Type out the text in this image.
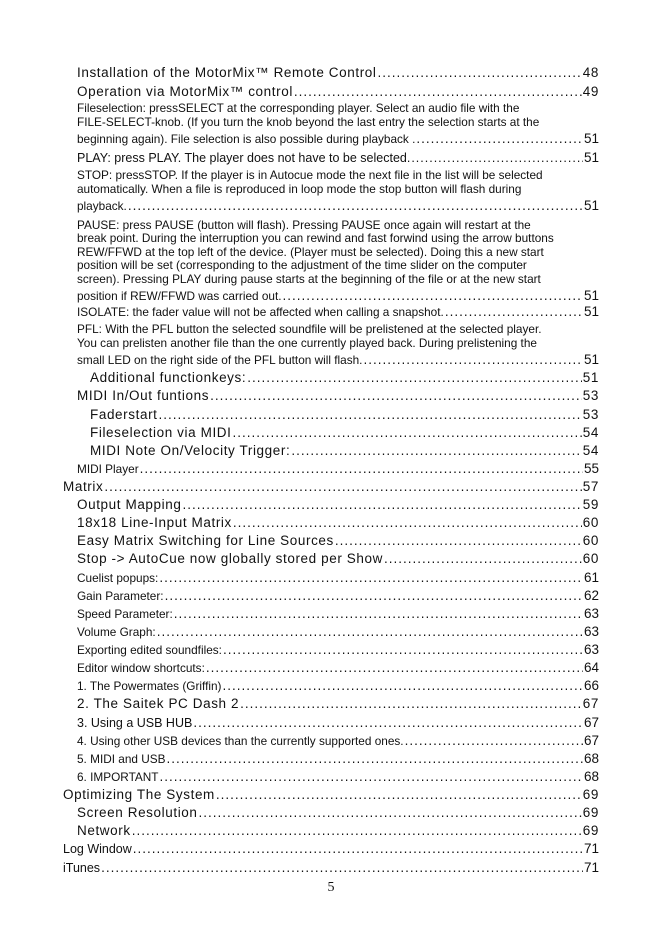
Installation of the MotorMix™ Remote Control .....	48
Operation via MotorMix™ control .....	49
Fileselection: pressSELECT at the corresponding player. Select an audio file with the
FILE-SELECT-knob. (If you turn the knob beyond the last entry the selection starts at the
beginning again). File selection is also possible during playback . .....	51
PLAY: press PLAY. The player does not have to be selected. .....	51
STOP: pressSTOP. If the player is in Autocue mode the next file in the list will be selected
automatically. When a file is reproduced in loop mode the stop button will flash during
playback. .....	51
PAUSE: press PAUSE (button will flash). Pressing PAUSE once again will restart at the
break point. During the interruption you can rewind and fast forwind using the arrow buttons
REW/FFWD at the top left of the device. (Player must be selected). Doing this a new start
position will be set (corresponding to the adjustment of the time slider on the computer
screen). Pressing PLAY during pause starts at the beginning of the file or at the new start
position if REW/FFWD was carried out. .....	51
ISOLATE: the fader value will not be affected when calling a snapshot. .....	51
PFL: With the PFL button the selected soundfile will be prelistened at the selected player.
You can prelisten another file than the one currently played back. During prelistening the
small LED on the right side of the PFL button will flash. .....	51
Additional functionkeys: .....	51
MIDI In/Out funtions .....	53
Faderstart .....	53
Fileselection via MIDI .....	54
MIDI Note On/Velocity Trigger: .....	54
MIDI Player .....	55
Matrix .....	57
Output Mapping .....	59
18x18 Line-Input Matrix .....	60
Easy Matrix Switching for Line Sources .....	60
Stop -> AutoCue now globally stored per Show .....	60
Cuelist popups: .....	61
Gain Parameter: .....	62
Speed Parameter: .....	63
Volume Graph: .....	63
Exporting edited soundfiles: .....	63
Editor window shortcuts: .....	64
1. The Powermates (Griffin) .....	66
2. The Saitek PC Dash 2 .....	67
3. Using a USB HUB .....	67
4. Using other USB devices than the currently supported ones. .....	67
5. MIDI and USB .....	68
6. IMPORTANT .....	68
Optimizing The System .....	69
Screen Resolution .....	69
Network .....	69
Log Window .....	71
iTunes .....	71
5
